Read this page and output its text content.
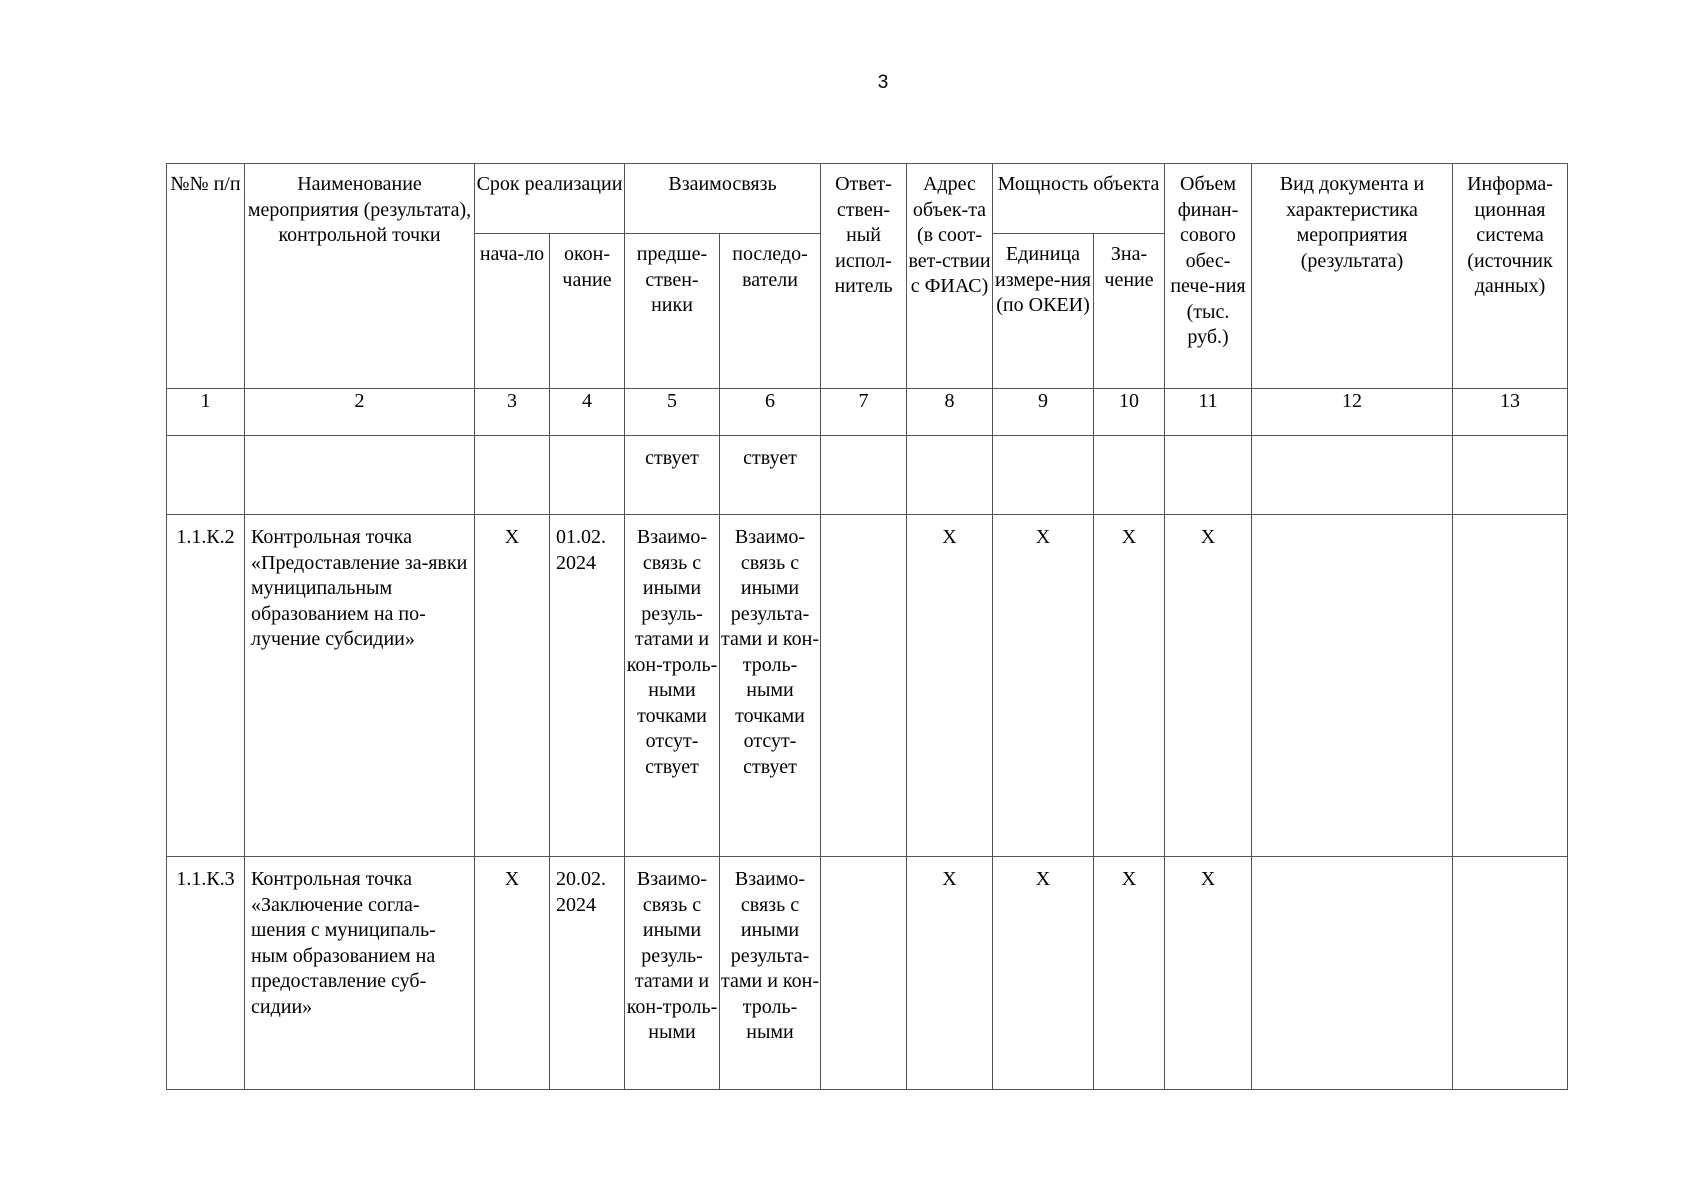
3
№№ п/п	Наименование мероприятия (результата), контрольной точки	Срок реализации		Взаимосвязь		Ответ-ствен-ный испол-нитель	Адрес объек-та (в соот-вет-ствии с ФИАС)	Мощность объекта		Объем финан-сового обес-пече-ния (тыс. руб.)	Вид документа и характеристика мероприятия (результата)	Информа-ционная система (источник данных)
		нача-ло	окон-чание	предше-ствен-ники	последо-ватели			Единица измере-ния (по ОКЕИ)	Зна-чение			
1	2	3	4	5	6	7	8	9	10	11	12	13
				ствует	ствует							
1.1.К.2	Контрольная точка «Предоставление за-явки муниципальным образованием на по-лучение субсидии»	X	01.02. 2024	Взаимо-связь с иными резуль-татами и кон-троль-ными точками отсут-ствует	Взаимо-связь с иными результа-тами и кон-троль-ными точками отсут-ствует		X	X	X	X		
1.1.К.3	Контрольная точка «Заключение согла-шения с муниципаль-ным образованием на предоставление суб-сидии»	X	20.02. 2024	Взаимо-связь с иными резуль-татами и кон-троль-ными	Взаимо-связь с иными результа-тами и кон-троль-ными		X	X	X	X		
